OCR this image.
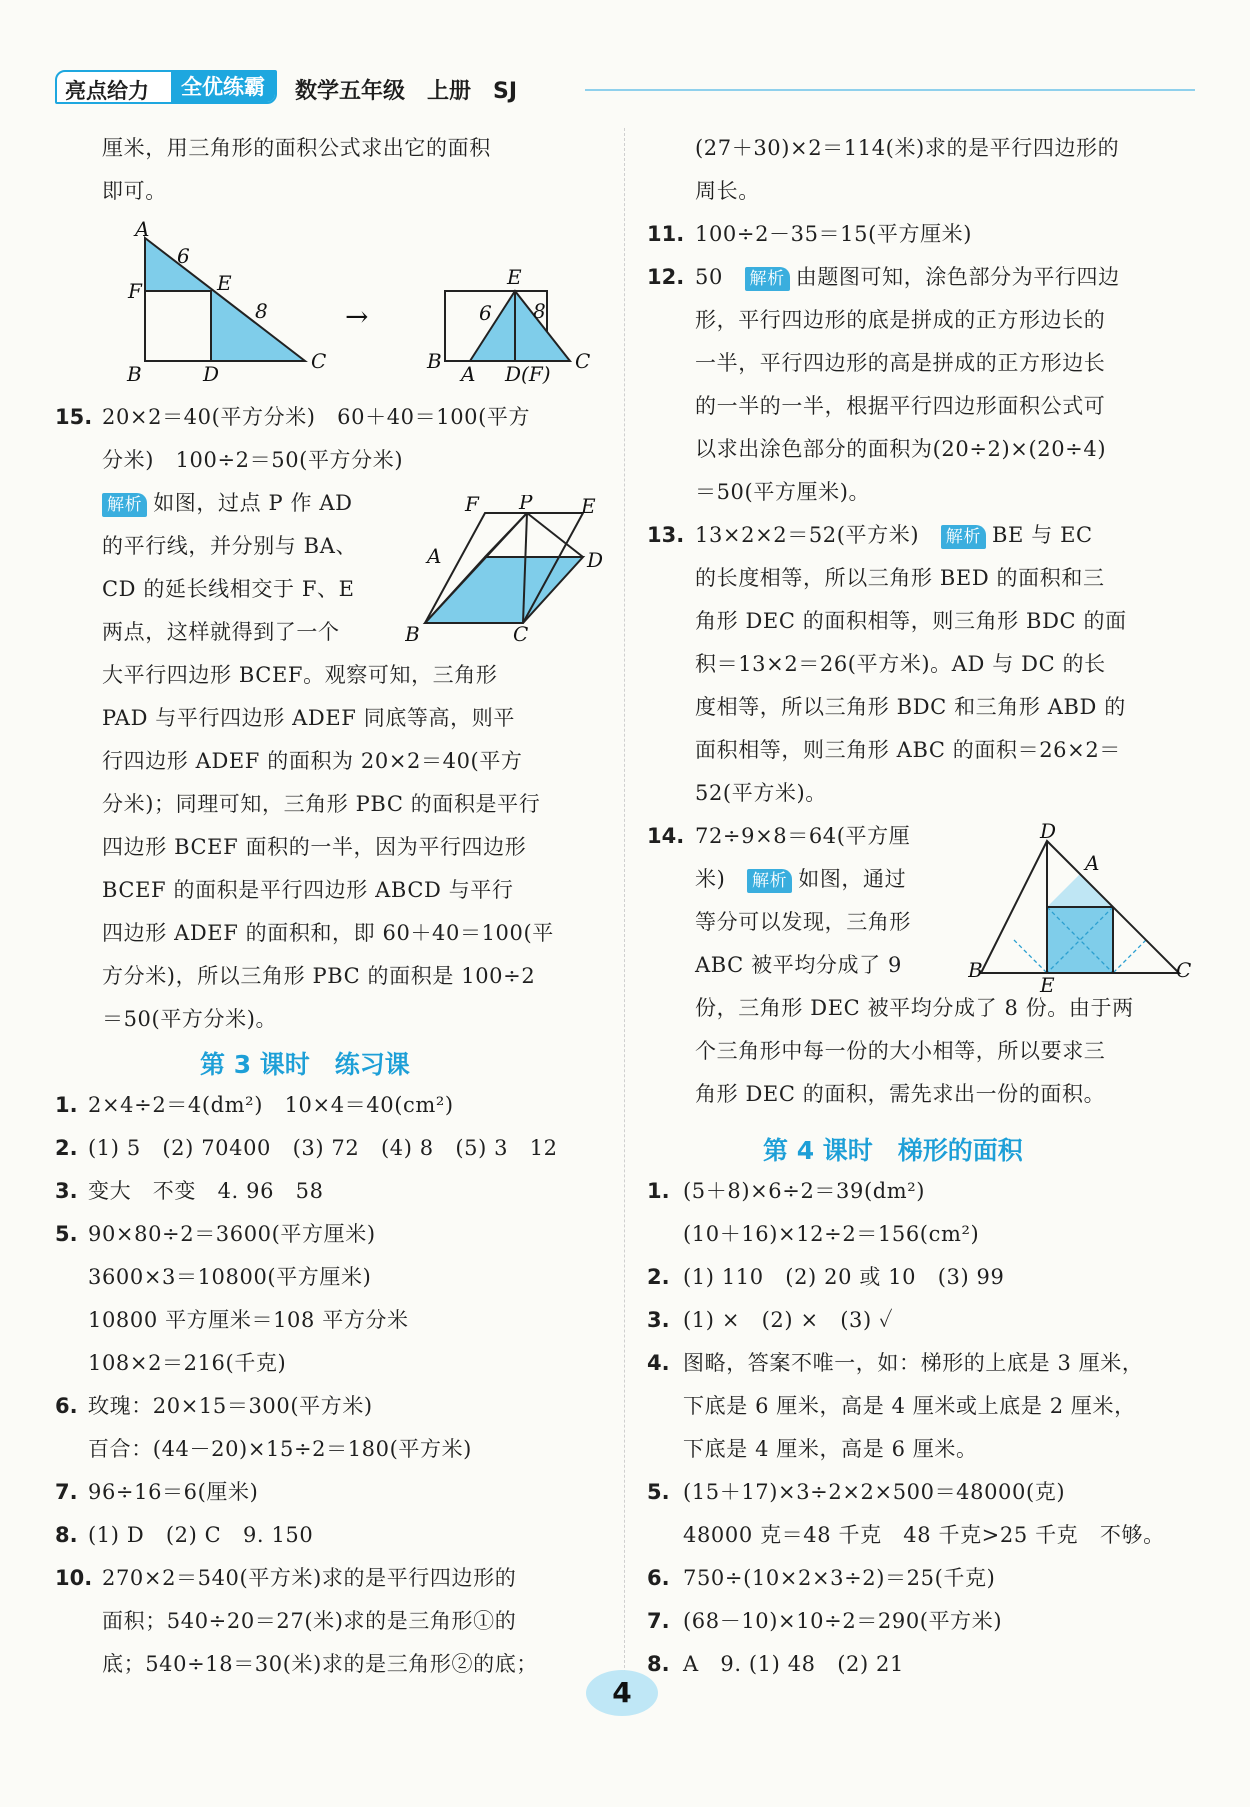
亮点给力	全优练霸	数学五年级　上册　SJ
厘米，用三角形的面积公式求出它的面积
即可。
A
F
6
E
8
B	D
C
→
E
6 8
B
A D(F)
C
15. 20×2＝40(平方分米)　60＋40＝100(平方
分米)　100÷2＝50(平方分米)
解析 如图，过点 P 作 AD
的平行线，并分别与 BA、
CD 的延长线相交于 F、E
两点，这样就得到了一个
大平行四边形 BCEF。观察可知，三角形
PAD 与平行四边形 ADEF 同底等高，则平
行四边形 ADEF 的面积为 20×2＝40(平方
分米)；同理可知，三角形 PBC 的面积是平行
四边形 BCEF 面积的一半，因为平行四边形
BCEF 的面积是平行四边形 ABCD 与平行
四边形 ADEF 的面积和，即 60＋40＝100(平
方分米)，所以三角形 PBC 的面积是 100÷2
＝50(平方分米)。
F P E
A	D
B	C
第 3 课时　练习课
1. 2×4÷2＝4(dm²)　10×4＝40(cm²)
2. (1) 5　(2) 70400　(3) 72　(4) 8　(5) 3　12
3. 变大　不变　4. 96　58
5. 90×80÷2＝3600(平方厘米)
3600×3＝10800(平方厘米)
10800 平方厘米＝108 平方分米
108×2＝216(千克)
6. 玫瑰：20×15＝300(平方米)
百合：(44－20)×15÷2＝180(平方米)
7. 96÷16＝6(厘米)
8. (1) D　(2) C　9. 150
10. 270×2＝540(平方米)求的是平行四边形的
面积；540÷20＝27(米)求的是三角形①的
底；540÷18＝30(米)求的是三角形②的底；
(27＋30)×2＝114(米)求的是平行四边形的
周长。
11. 100÷2－35＝15(平方厘米)
12. 50　 解析 由题图可知，涂色部分为平行四边
形，平行四边形的底是拼成的正方形边长的
一半，平行四边形的高是拼成的正方形边长
的一半的一半，根据平行四边形面积公式可
以求出涂色部分的面积为(20÷2)×(20÷4)
＝50(平方厘米)。
13. 13×2×2＝52(平方米)　 解析 BE 与 EC
的长度相等，所以三角形 BED 的面积和三
角形 DEC 的面积相等，则三角形 BDC 的面
积＝13×2＝26(平方米)。AD 与 DC 的长
度相等，所以三角形 BDC 和三角形 ABD 的
面积相等，则三角形 ABC 的面积＝26×2＝
52(平方米)。
14. 72÷9×8＝64(平方厘
米)　 解析 如图，通过
等分可以发现，三角形
ABC 被平均分成了 9
份，三角形 DEC 被平均分成了 8 份。由于两
个三角形中每一份的大小相等，所以要求三
角形 DEC 的面积，需先求出一份的面积。
D
A
B
E
C
第 4 课时　梯形的面积
1. (5＋8)×6÷2＝39(dm²)
(10＋16)×12÷2＝156(cm²)
2. (1) 110　(2) 20 或 10　(3) 99
3. (1) ×　(2) ×　(3) ✓
4. 图略，答案不唯一，如：梯形的上底是 3 厘米，
下底是 6 厘米，高是 4 厘米或上底是 2 厘米，
下底是 4 厘米，高是 6 厘米。
5. (15＋17)×3÷2×2×500＝48000(克)
48000 克＝48 千克　48 千克>25 千克　不够。
6. 750÷(10×2×3÷2)＝25(千克)
7. (68－10)×10÷2＝290(平方米)
8. A　9. (1) 48　(2) 21
4
